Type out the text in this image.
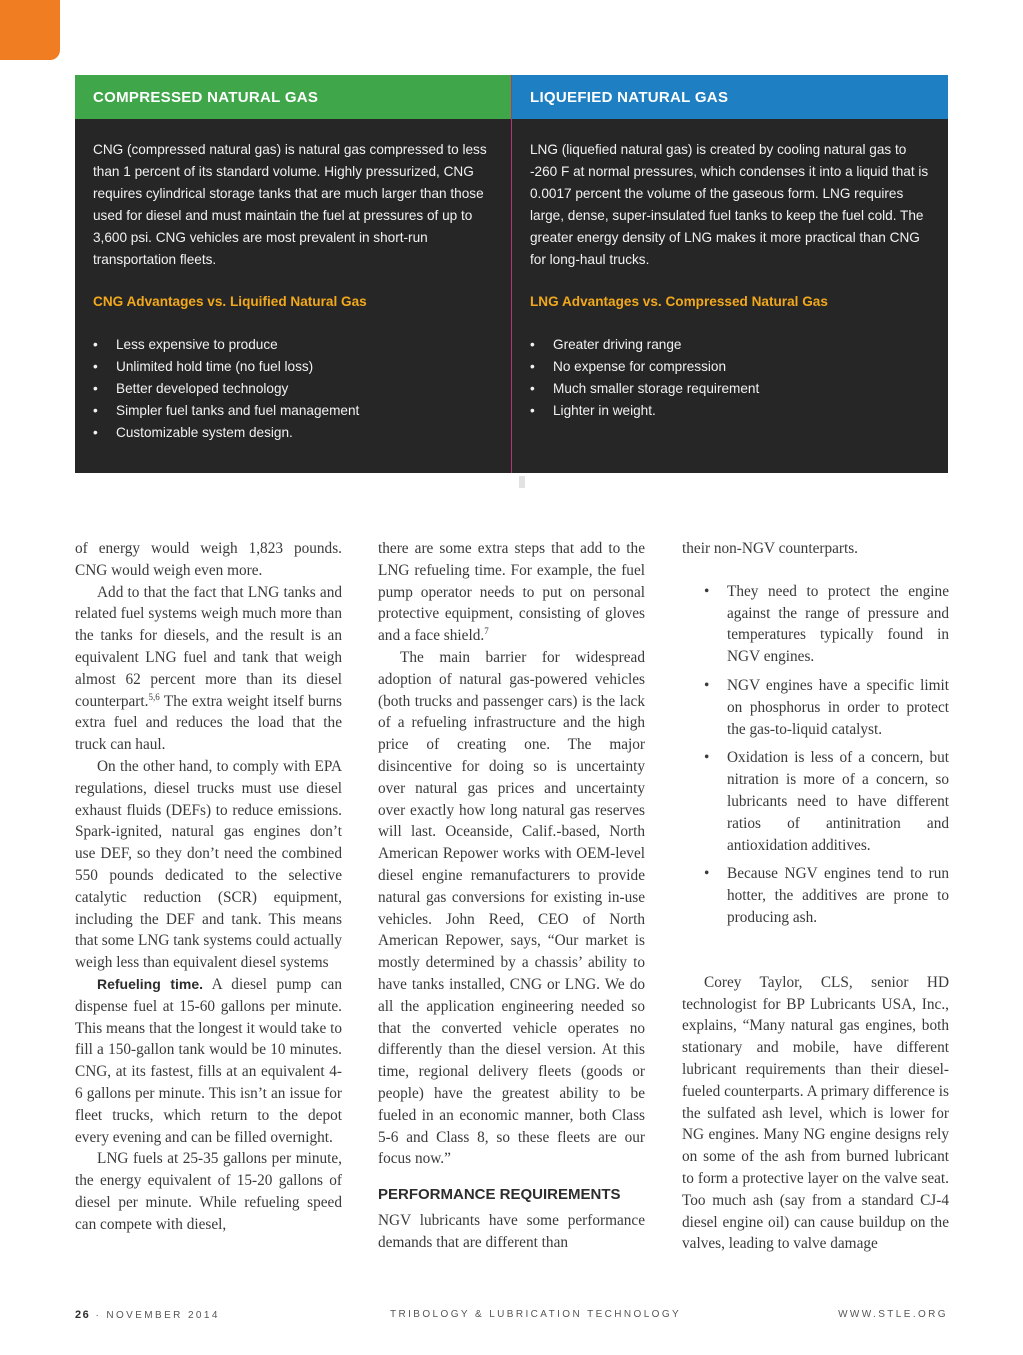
COMPRESSED NATURAL GAS

CNG (compressed natural gas) is natural gas compressed to less than 1 percent of its standard volume. Highly pressurized, CNG requires cylindrical storage tanks that are much larger than those used for diesel and must maintain the fuel at pressures of up to 3,600 psi. CNG vehicles are most prevalent in short-run transportation fleets.

CNG Advantages vs. Liquified Natural Gas
• Less expensive to produce
• Unlimited hold time (no fuel loss)
• Better developed technology
• Simpler fuel tanks and fuel management
• Customizable system design.
LIQUEFIED NATURAL GAS

LNG (liquefied natural gas) is created by cooling natural gas to -260 F at normal pressures, which condenses it into a liquid that is 0.0017 percent the volume of the gaseous form. LNG requires large, dense, super-insulated fuel tanks to keep the fuel cold. The greater energy density of LNG makes it more practical than CNG for long-haul trucks.

LNG Advantages vs. Compressed Natural Gas
• Greater driving range
• No expense for compression
• Much smaller storage requirement
• Lighter in weight.

of energy would weigh 1,823 pounds. CNG would weigh even more.

Add to that the fact that LNG tanks and related fuel systems weigh much more than the tanks for diesels, and the result is an equivalent LNG fuel and tank that weigh almost 62 percent more than its diesel counterpart.$^{5,6}$ The extra weight itself burns extra fuel and reduces the load that the truck can haul.

On the other hand, to comply with EPA regulations, diesel trucks must use diesel exhaust fluids (DEFs) to reduce emissions. Spark-ignited, natural gas engines don’t use DEF, so they don’t need the combined 550 pounds dedicated to the selective catalytic reduction (SCR) equipment, including the DEF and tank. This means that some LNG tank systems could actually weigh less than equivalent diesel systems

Refueling time. A diesel pump can dispense fuel at 15-60 gallons per minute. This means that the longest it would take to fill a 150-gallon tank would be 10 minutes. CNG, at its fastest, fills at an equivalent 4-6 gallons per minute. This isn’t an issue for fleet trucks, which return to the depot every evening and can be filled overnight.

LNG fuels at 25-35 gallons per minute, the energy equivalent of 15-20 gallons of diesel per minute. While refueling speed can compete with diesel,

there are some extra steps that add to the LNG refueling time. For example, the fuel pump operator needs to put on personal protective equipment, consisting of gloves and a face shield.$^7$

The main barrier for widespread adoption of natural gas-powered vehicles (both trucks and passenger cars) is the lack of a refueling infrastructure and the high price of creating one. The major disincentive for doing so is uncertainty over natural gas prices and uncertainty over exactly how long natural gas reserves will last. Oceanside, Calif.-based, North American Repower works with OEM-level diesel engine remanufacturers to provide natural gas conversions for existing in-use vehicles. John Reed, CEO of North American Repower, says, “Our market is mostly determined by a chassis’ ability to have tanks installed, CNG or LNG. We do all the application engineering needed so that the converted vehicle operates no differently than the diesel version. At this time, regional delivery fleets (goods or people) have the greatest ability to be fueled in an economic manner, both Class 5-6 and Class 8, so these fleets are our focus now.”

PERFORMANCE REQUIREMENTS

NGV lubricants have some performance demands that are different than

their non-NGV counterparts.

• They need to protect the engine against the range of pressure and temperatures typically found in NGV engines.
• NGV engines have a specific limit on phosphorus in order to protect the gas-to-liquid catalyst.
• Oxidation is less of a concern, but nitration is more of a concern, so lubricants need to have different ratios of antinitration and antioxidation additives.
• Because NGV engines tend to run hotter, the additives are prone to producing ash.

Corey Taylor, CLS, senior HD technologist for BP Lubricants USA, Inc., explains, “Many natural gas engines, both stationary and mobile, have different lubricant requirements than their diesel-fueled counterparts. A primary difference is the sulfated ash level, which is lower for NG engines. Many NG engine designs rely on some of the ash from burned lubricant to form a protective layer on the valve seat. Too much ash (say from a standard CJ-4 diesel engine oil) can cause buildup on the valves, leading to valve damage

26 · NOVEMBER 2014	TRIBOLOGY & LUBRICATION TECHNOLOGY	WWW.STLE.ORG
